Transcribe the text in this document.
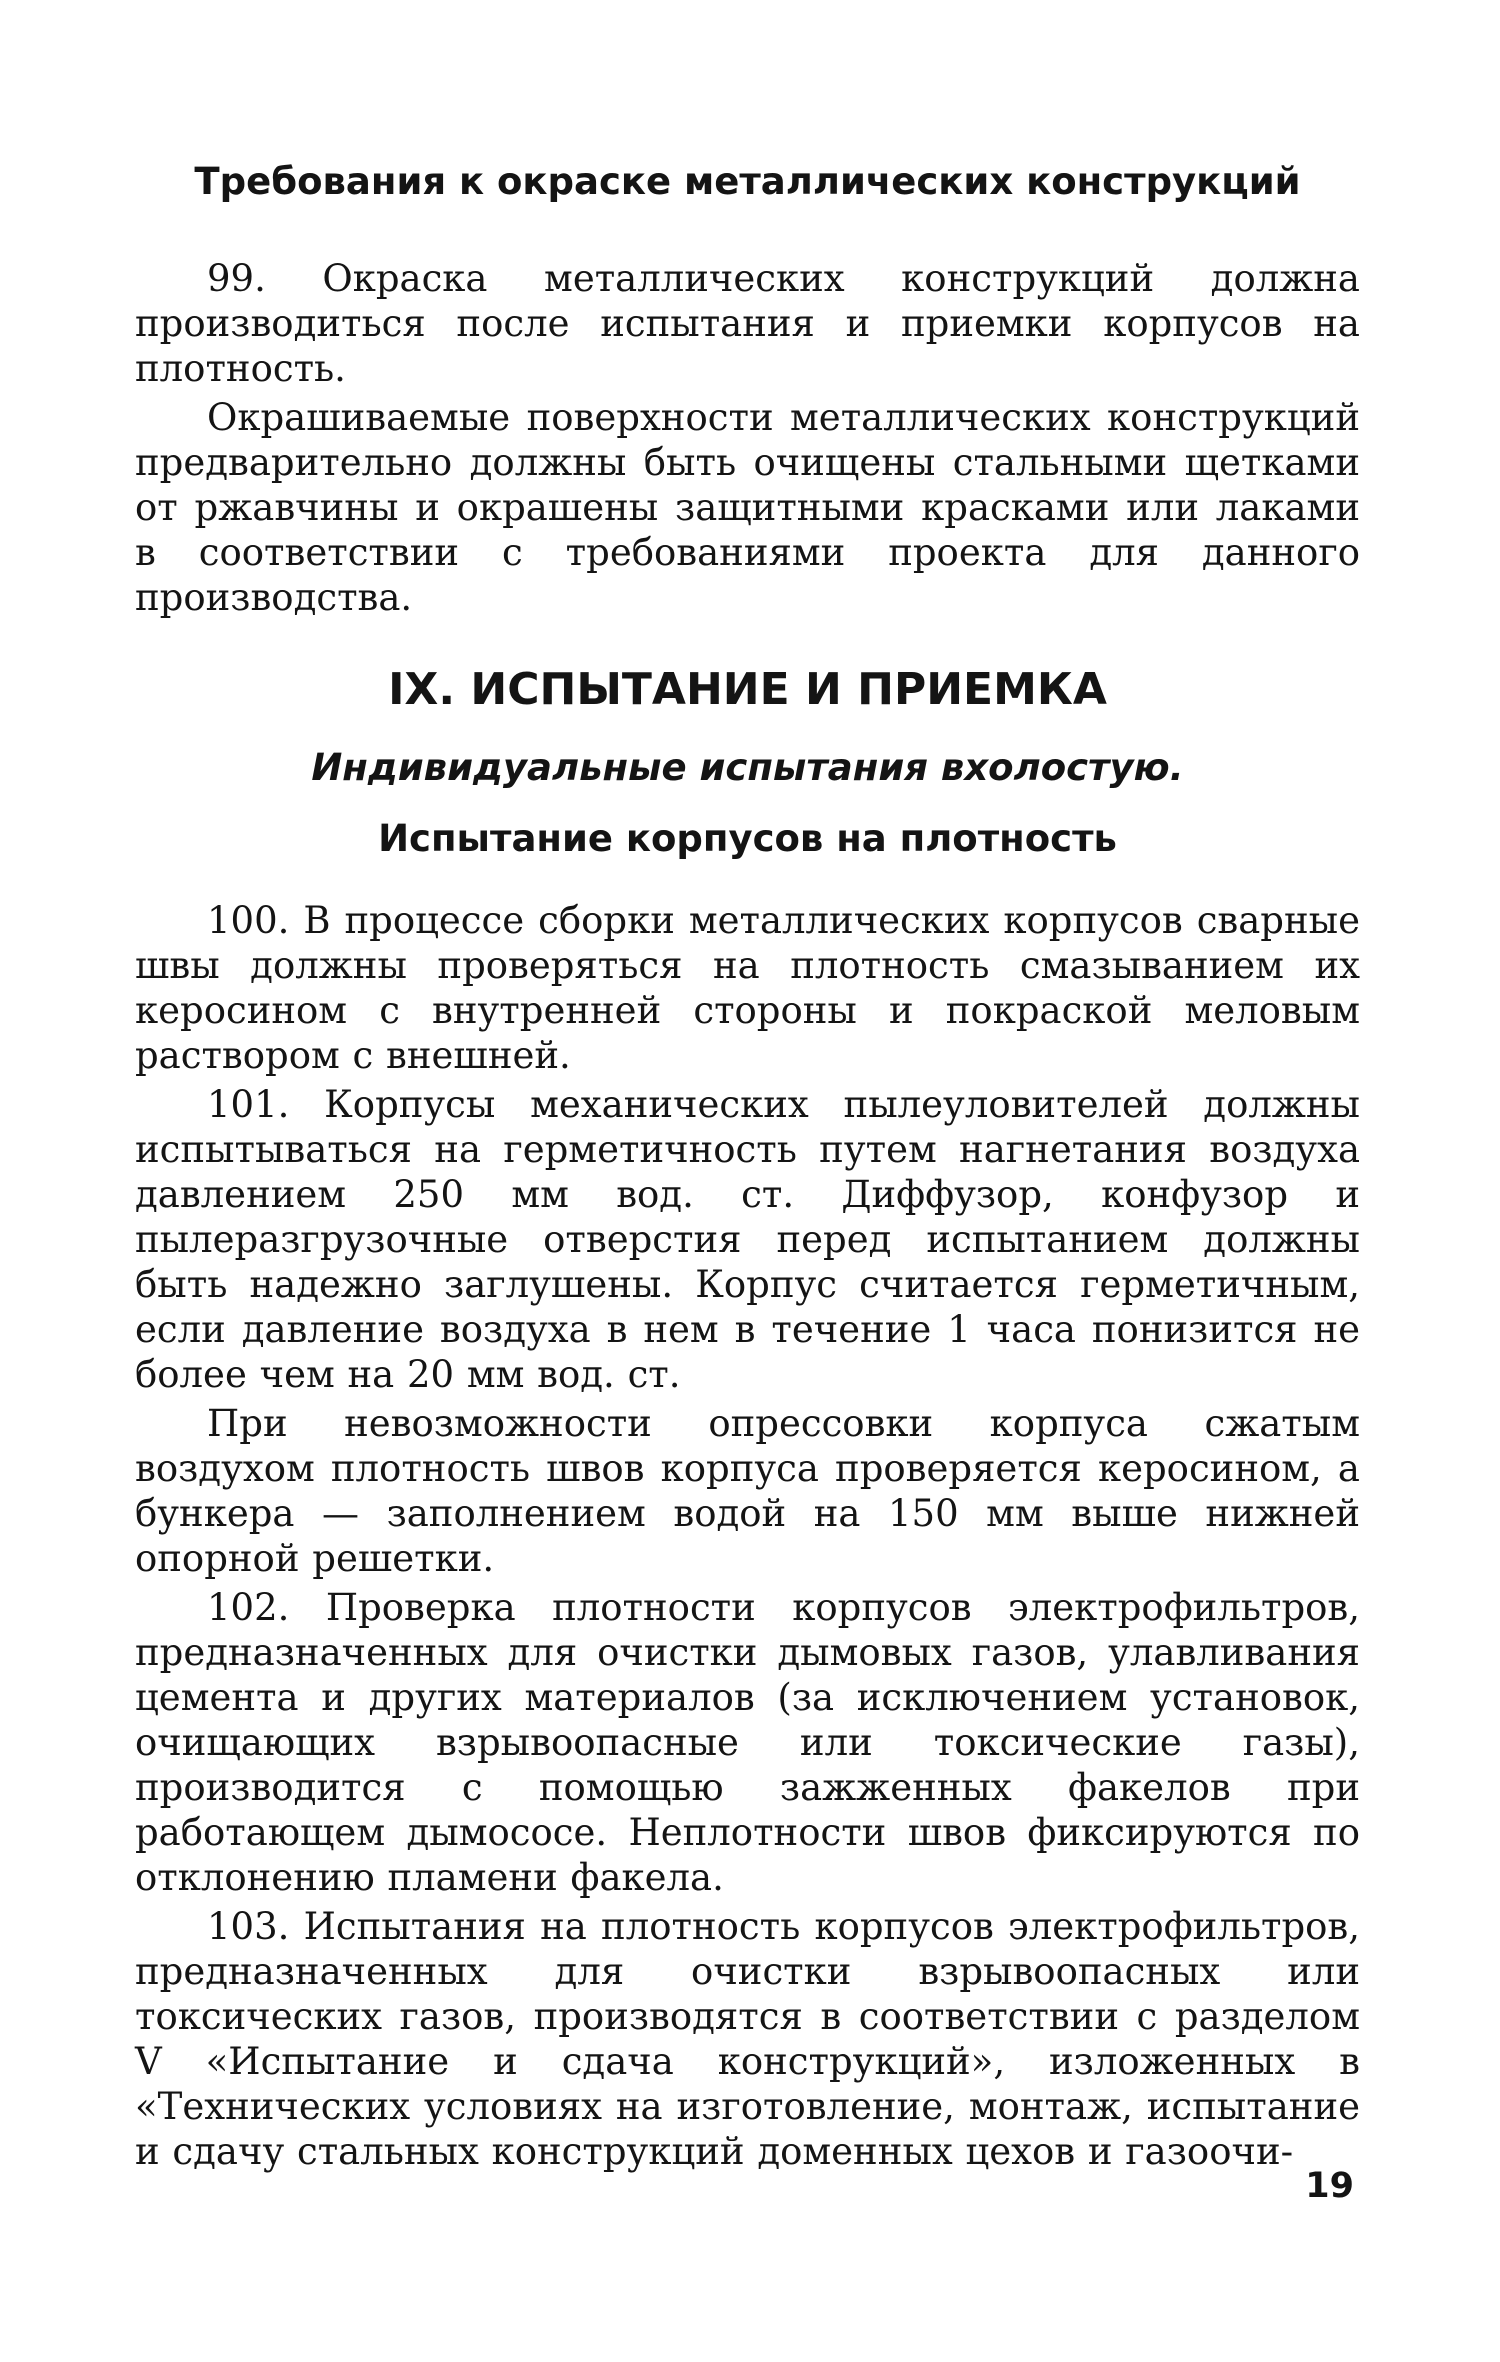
Требования к окраске металлических конструкций

99. Окраска металлических конструкций должна производиться после испытания и приемки корпусов на плотность.

Окрашиваемые поверхности металлических конструкций предварительно должны быть очищены стальными щетками от ржавчины и окрашены защитными красками или лаками в соответствии с требованиями проекта для данного производства.

IX. ИСПЫТАНИЕ И ПРИЕМКА
Индивидуальные испытания вхолостую.
Испытание корпусов на плотность

100. В процессе сборки металлических корпусов сварные швы должны проверяться на плотность смазыванием их керосином с внутренней стороны и покраской меловым раствором с внешней.

101. Корпусы механических пылеуловителей должны испытываться на герметичность путем нагнетания воздуха давлением 250 мм вод. ст. Диффузор, конфузор и пылеразгрузочные отверстия перед испытанием должны быть надежно заглушены. Корпус считается герметичным, если давление воздуха в нем в течение 1 часа понизится не более чем на 20 мм вод. ст.

При невозможности опрессовки корпуса сжатым воздухом плотность швов корпуса проверяется керосином, а бункера — заполнением водой на 150 мм выше нижней опорной решетки.

102. Проверка плотности корпусов электрофильтров, предназначенных для очистки дымовых газов, улавливания цемента и других материалов (за исключением установок, очищающих взрывоопасные или токсические газы), производится с помощью зажженных факелов при работающем дымососе. Неплотности швов фиксируются по отклонению пламени факела.

103. Испытания на плотность корпусов электрофильтров, предназначенных для очистки взрывоопасных или токсических газов, производятся в соответствии с разделом V «Испытание и сдача конструкций», изложенных в «Технических условиях на изготовление, монтаж, испытание и сдачу стальных конструкций доменных цехов и газоочи-

19
